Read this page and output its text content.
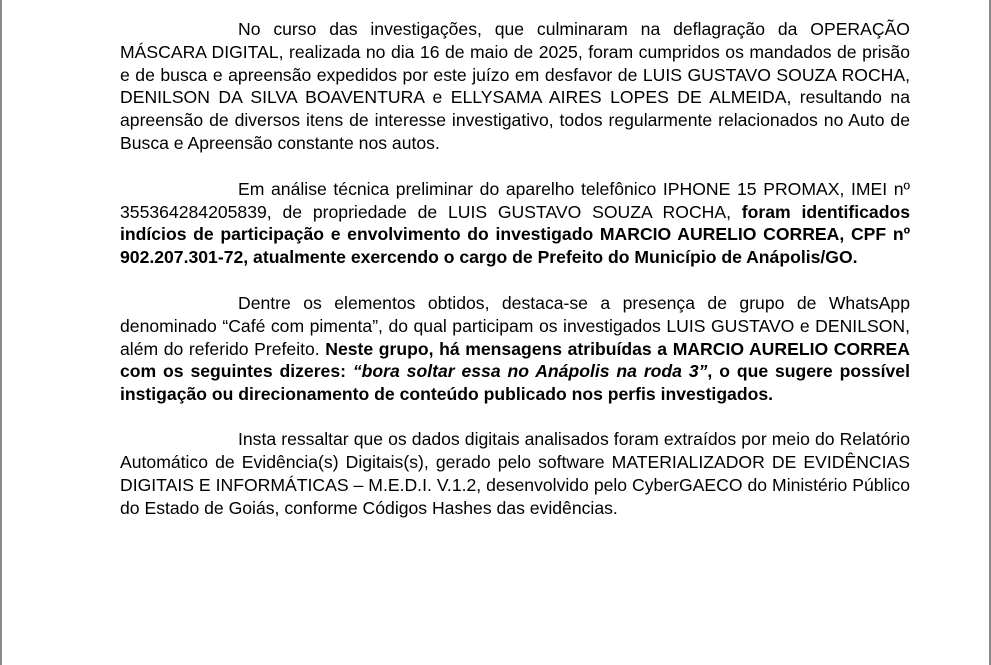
No curso das investigações, que culminaram na deflagração da OPERAÇÃO MÁSCARA DIGITAL, realizada no dia 16 de maio de 2025, foram cumpridos os mandados de prisão e de busca e apreensão expedidos por este juízo em desfavor de LUIS GUSTAVO SOUZA ROCHA, DENILSON DA SILVA BOAVENTURA e ELLYSAMA AIRES LOPES DE ALMEIDA, resultando na apreensão de diversos itens de interesse investigativo, todos regularmente relacionados no Auto de Busca e Apreensão constante nos autos.

Em análise técnica preliminar do aparelho telefônico IPHONE 15 PROMAX, IMEI nº 355364284205839, de propriedade de LUIS GUSTAVO SOUZA ROCHA, foram identificados indícios de participação e envolvimento do investigado MARCIO AURELIO CORREA, CPF nº 902.207.301-72, atualmente exercendo o cargo de Prefeito do Município de Anápolis/GO.

Dentre os elementos obtidos, destaca-se a presença de grupo de WhatsApp denominado “Café com pimenta”, do qual participam os investigados LUIS GUSTAVO e DENILSON, além do referido Prefeito. Neste grupo, há mensagens atribuídas a MARCIO AURELIO CORREA com os seguintes dizeres: “bora soltar essa no Anápolis na roda 3”, o que sugere possível instigação ou direcionamento de conteúdo publicado nos perfis investigados.

Insta ressaltar que os dados digitais analisados foram extraídos por meio do Relatório Automático de Evidência(s) Digitais(s), gerado pelo software MATERIALIZADOR DE EVIDÊNCIAS DIGITAIS E INFORMÁTICAS – M.E.D.I. V.1.2, desenvolvido pelo CyberGAECO do Ministério Público do Estado de Goiás, conforme Códigos Hashes das evidências.
